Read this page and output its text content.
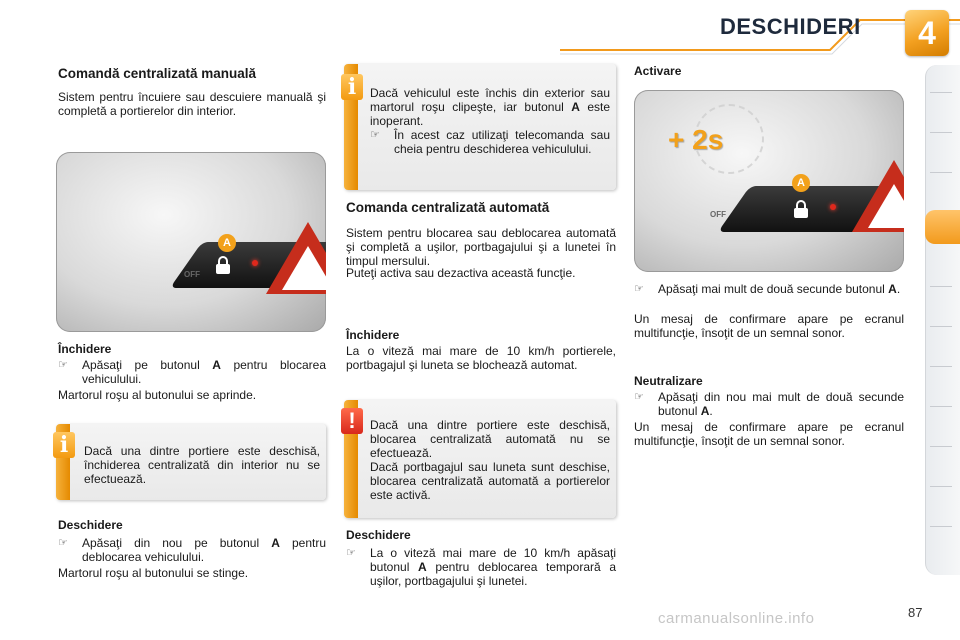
DESCHIDERI	4
Comandă centralizată manuală
Sistem pentru încuiere sau descuiere manuală şi completă a portierelor din interior.
OFF
A
Închidere
☞	Apăsaţi pe butonul A pentru blocarea vehiculului.
Martorul roşu al butonului se aprinde.
i	Dacă una dintre portiere este deschisă, închiderea centralizată din interior nu se efectuează.
Deschidere
☞	Apăsaţi din nou pe butonul A pentru deblocarea vehiculului.
Martorul roşu al butonului se stinge.
i	Dacă vehiculul este închis din exterior sau martorul roşu clipeşte, iar butonul A este inoperant.
☞	În acest caz utilizaţi telecomanda sau cheia pentru deschiderea vehiculului.
Comanda centralizată automată
Sistem pentru blocarea sau deblocarea automată şi completă a uşilor, portbagajului şi a lunetei în timpul mersului.
Puteţi activa sau dezactiva această funcţie.
Închidere
La o viteză mai mare de 10 km/h portierele, portbagajul şi luneta se blochează automat.
!	Dacă una dintre portiere este deschisă, blocarea centralizată automată nu se efectuează.
Dacă portbagajul sau luneta sunt deschise, blocarea centralizată automată a portierelor este activă.
Deschidere
☞	La o viteză mai mare de 10 km/h apăsaţi butonul A pentru deblocarea temporară a uşilor, portbagajului şi lunetei.
Activare
+ 2s
OFF
A
☞	Apăsaţi mai mult de două secunde butonul A.
Un mesaj de confirmare apare pe ecranul multifuncţie, însoţit de un semnal sonor.
Neutralizare
☞	Apăsaţi din nou mai mult de două secunde butonul A.
Un mesaj de confirmare apare pe ecranul multifuncţie, însoţit de un semnal sonor.
87
carmanualsonline.info
